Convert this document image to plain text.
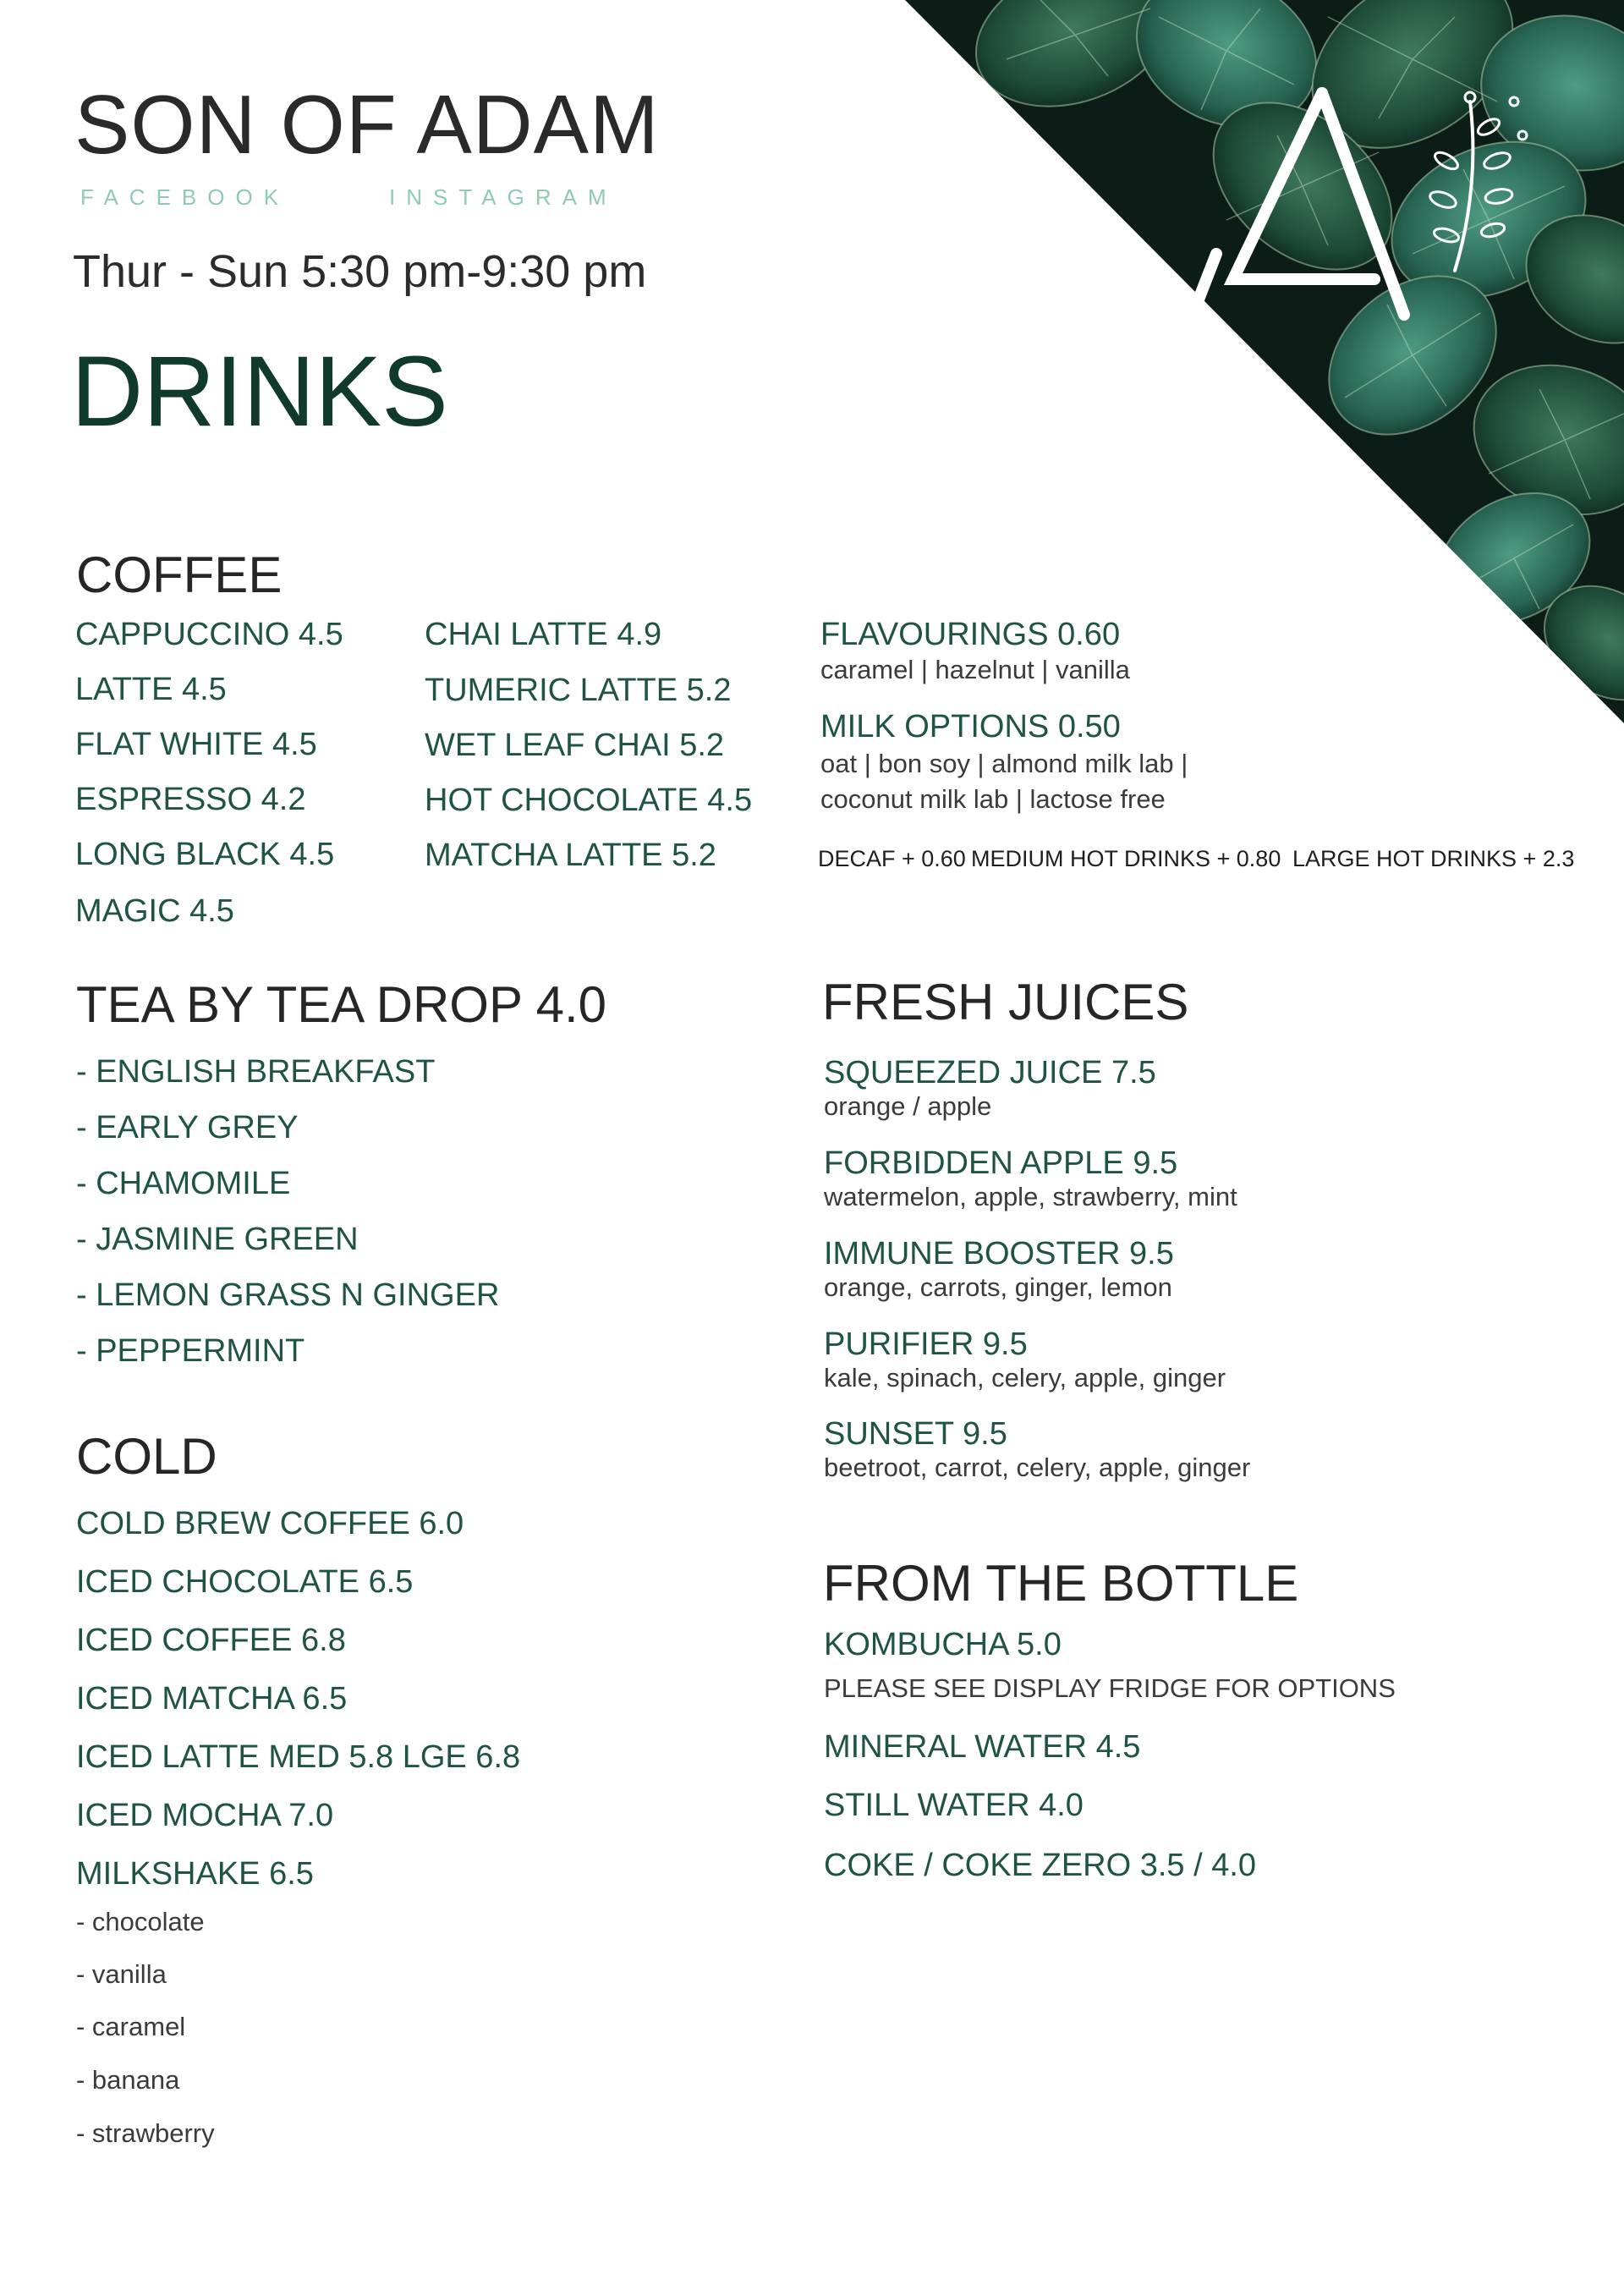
SON OF ADAM
FACEBOOK	INSTAGRAM
Thur - Sun 5:30 pm-9:30 pm
DRINKS
COFFEE
CAPPUCCINO 4.5
LATTE 4.5
FLAT WHITE 4.5
ESPRESSO 4.2
LONG BLACK 4.5
MAGIC 4.5
CHAI LATTE 4.9
TUMERIC LATTE 5.2
WET LEAF CHAI 5.2
HOT CHOCOLATE 4.5
MATCHA LATTE 5.2
FLAVOURINGS 0.60
caramel | hazelnut | vanilla
MILK OPTIONS 0.50
oat | bon soy | almond milk lab |
coconut milk lab | lactose free
DECAF + 0.60 MEDIUM HOT DRINKS + 0.80 LARGE HOT DRINKS + 2.3
TEA BY TEA DROP 4.0
- ENGLISH BREAKFAST
- EARLY GREY
- CHAMOMILE
- JASMINE GREEN
- LEMON GRASS N GINGER
- PEPPERMINT
COLD
COLD BREW COFFEE 6.0
ICED CHOCOLATE 6.5
ICED COFFEE 6.8
ICED MATCHA 6.5
ICED LATTE MED 5.8 LGE 6.8
ICED MOCHA 7.0
MILKSHAKE 6.5
- chocolate
- vanilla
- caramel
- banana
- strawberry
FRESH JUICES
SQUEEZED JUICE 7.5
orange / apple
FORBIDDEN APPLE 9.5
watermelon, apple, strawberry, mint
IMMUNE BOOSTER 9.5
orange, carrots, ginger, lemon
PURIFIER 9.5
kale, spinach, celery, apple, ginger
SUNSET 9.5
beetroot, carrot, celery, apple, ginger
FROM THE BOTTLE
KOMBUCHA 5.0
PLEASE SEE DISPLAY FRIDGE FOR OPTIONS
MINERAL WATER 4.5
STILL WATER 4.0
COKE / COKE ZERO 3.5 / 4.0
